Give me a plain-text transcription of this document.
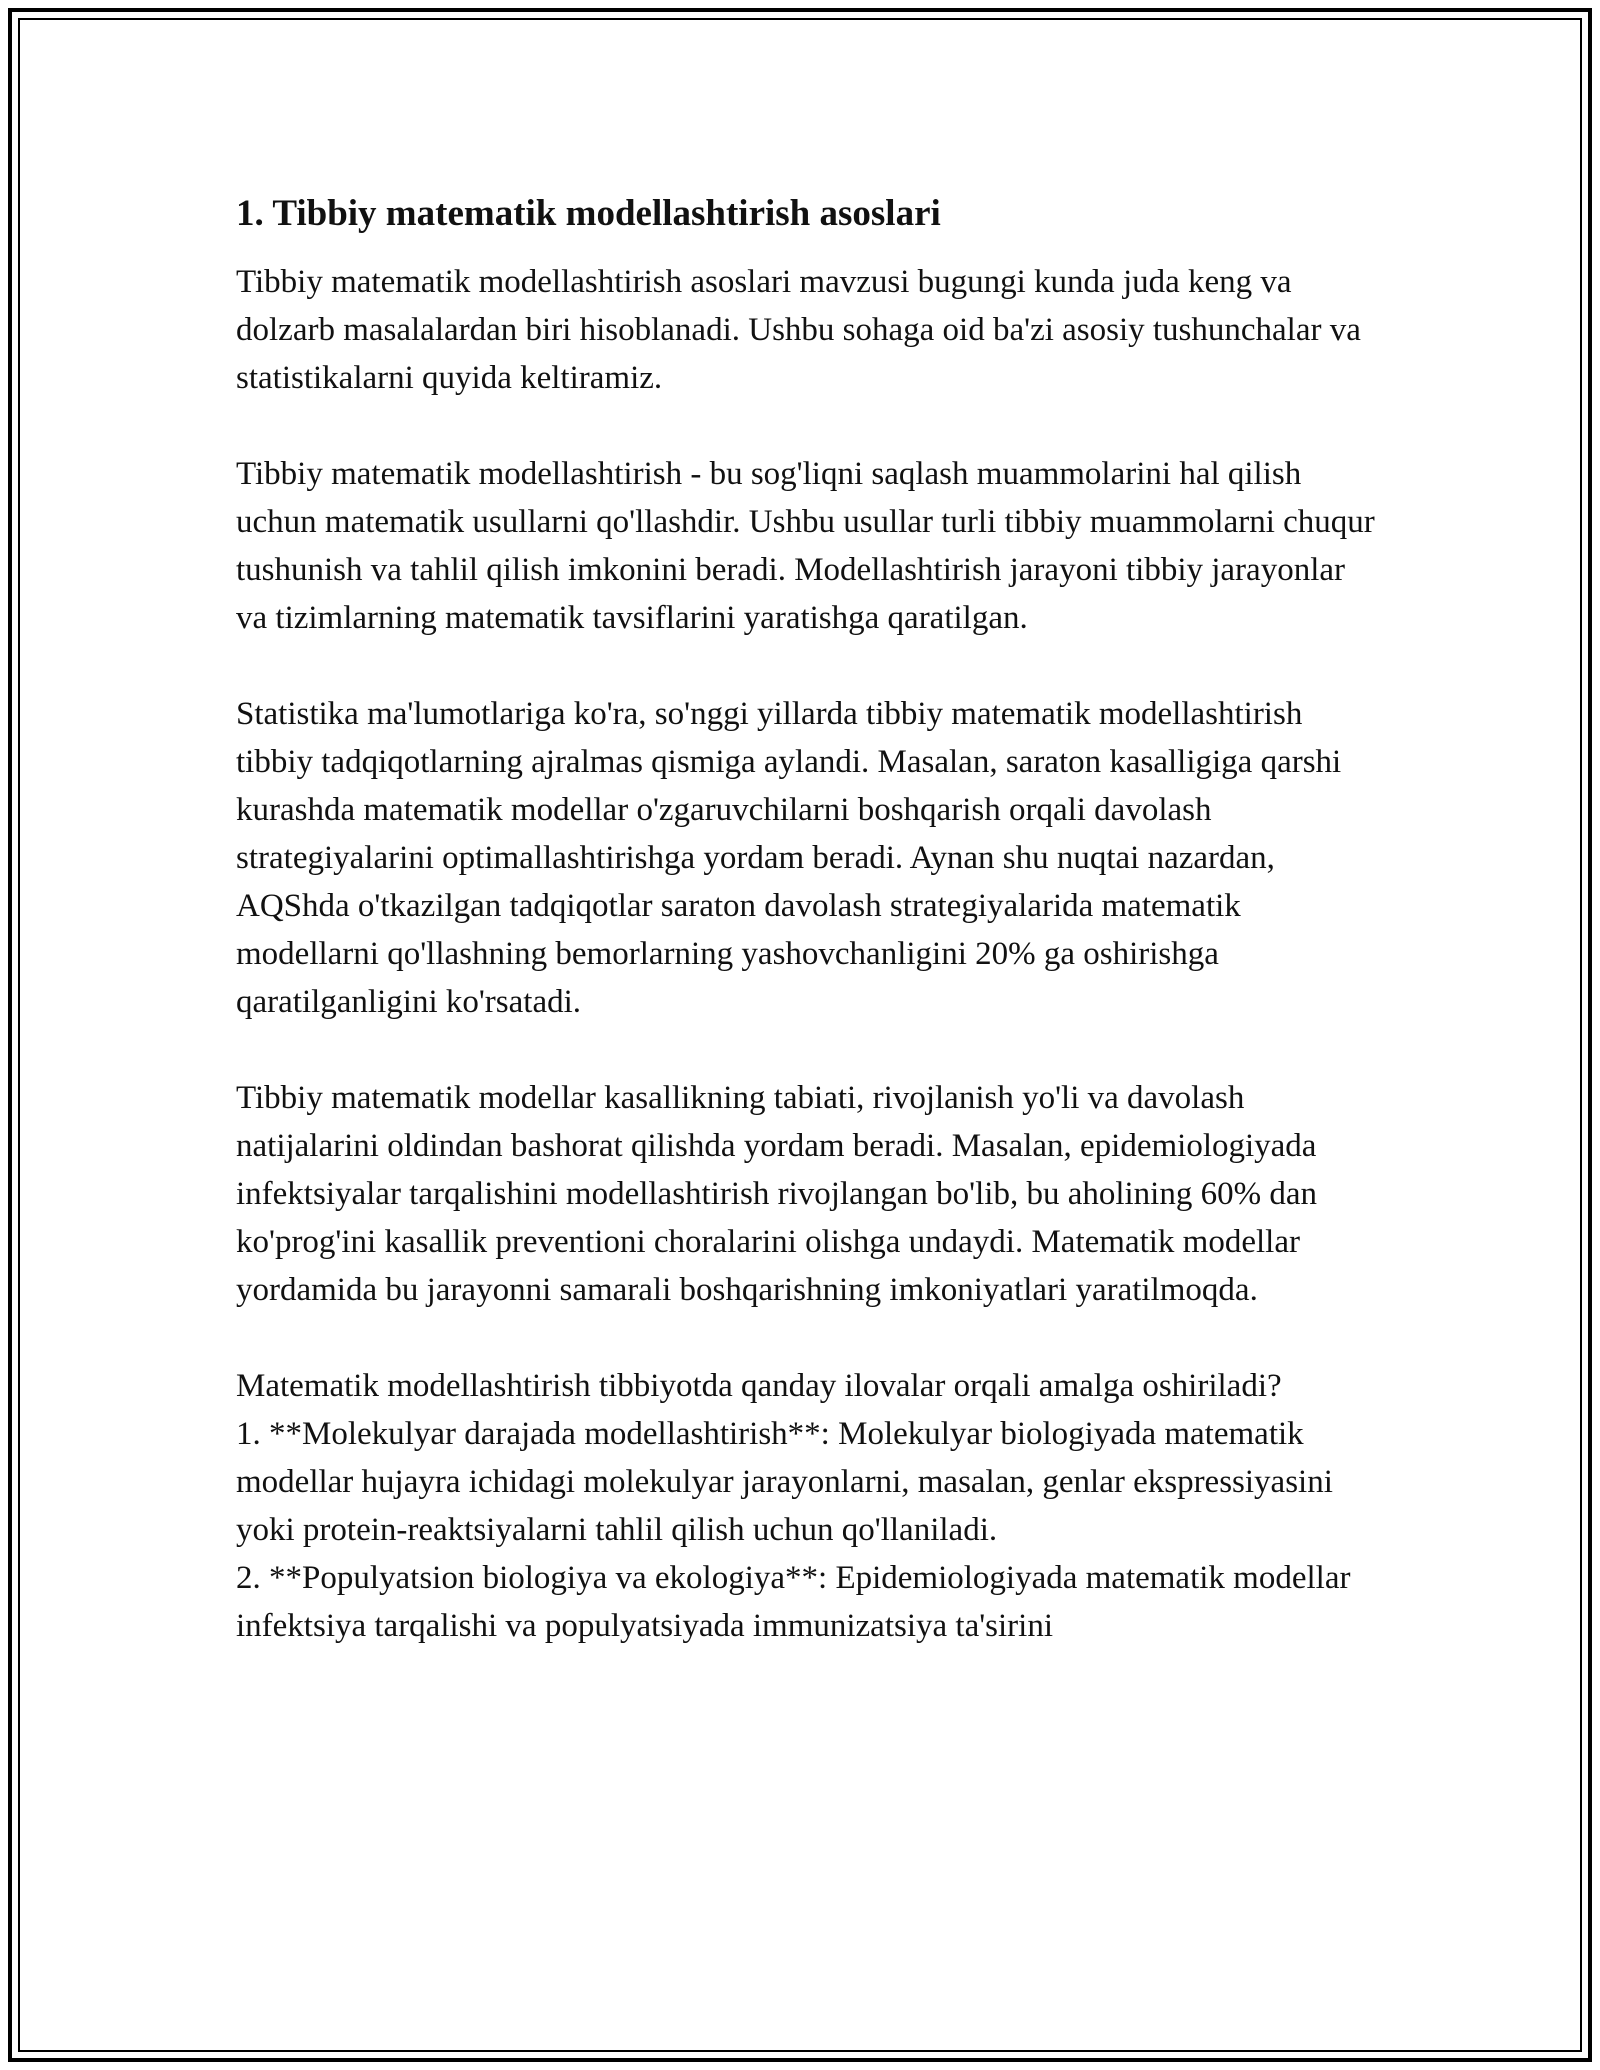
1. Tibbiy matematik modellashtirish asoslari

Tibbiy matematik modellashtirish asoslari mavzusi bugungi kunda juda keng va dolzarb masalalardan biri hisoblanadi. Ushbu sohaga oid ba'zi asosiy tushunchalar va statistikalarni quyida keltiramiz.

Tibbiy matematik modellashtirish - bu sog'liqni saqlash muammolarini hal qilish uchun matematik usullarni qo'llashdir. Ushbu usullar turli tibbiy muammolarni chuqur tushunish va tahlil qilish imkonini beradi. Modellashtirish jarayoni tibbiy jarayonlar va tizimlarning matematik tavsiflarini yaratishga qaratilgan.

Statistika ma'lumotlariga ko'ra, so'nggi yillarda tibbiy matematik modellashtirish tibbiy tadqiqotlarning ajralmas qismiga aylandi. Masalan, saraton kasalligiga qarshi kurashda matematik modellar o'zgaruvchilarni boshqarish orqali davolash strategiyalarini optimallashtirishga yordam beradi. Aynan shu nuqtai nazardan, AQShda o'tkazilgan tadqiqotlar saraton davolash strategiyalarida matematik modellarni qo'llashning bemorlarning yashovchanligini 20% ga oshirishga qaratilganligini ko'rsatadi.

Tibbiy matematik modellar kasallikning tabiati, rivojlanish yo'li va davolash natijalarini oldindan bashorat qilishda yordam beradi. Masalan, epidemiologiyada infektsiyalar tarqalishini modellashtirish rivojlangan bo'lib, bu aholining 60% dan ko'prog'ini kasallik preventioni choralarini olishga undaydi. Matematik modellar yordamida bu jarayonni samarali boshqarishning imkoniyatlari yaratilmoqda.

Matematik modellashtirish tibbiyotda qanday ilovalar orqali amalga oshiriladi?
1. **Molekulyar darajada modellashtirish**: Molekulyar biologiyada matematik modellar hujayra ichidagi molekulyar jarayonlarni, masalan, genlar ekspressiyasini yoki protein-reaktsiyalarni tahlil qilish uchun qo'llaniladi.
2. **Populyatsion biologiya va ekologiya**: Epidemiologiyada matematik modellar infektsiya tarqalishi va populyatsiyada immunizatsiya ta'sirini
